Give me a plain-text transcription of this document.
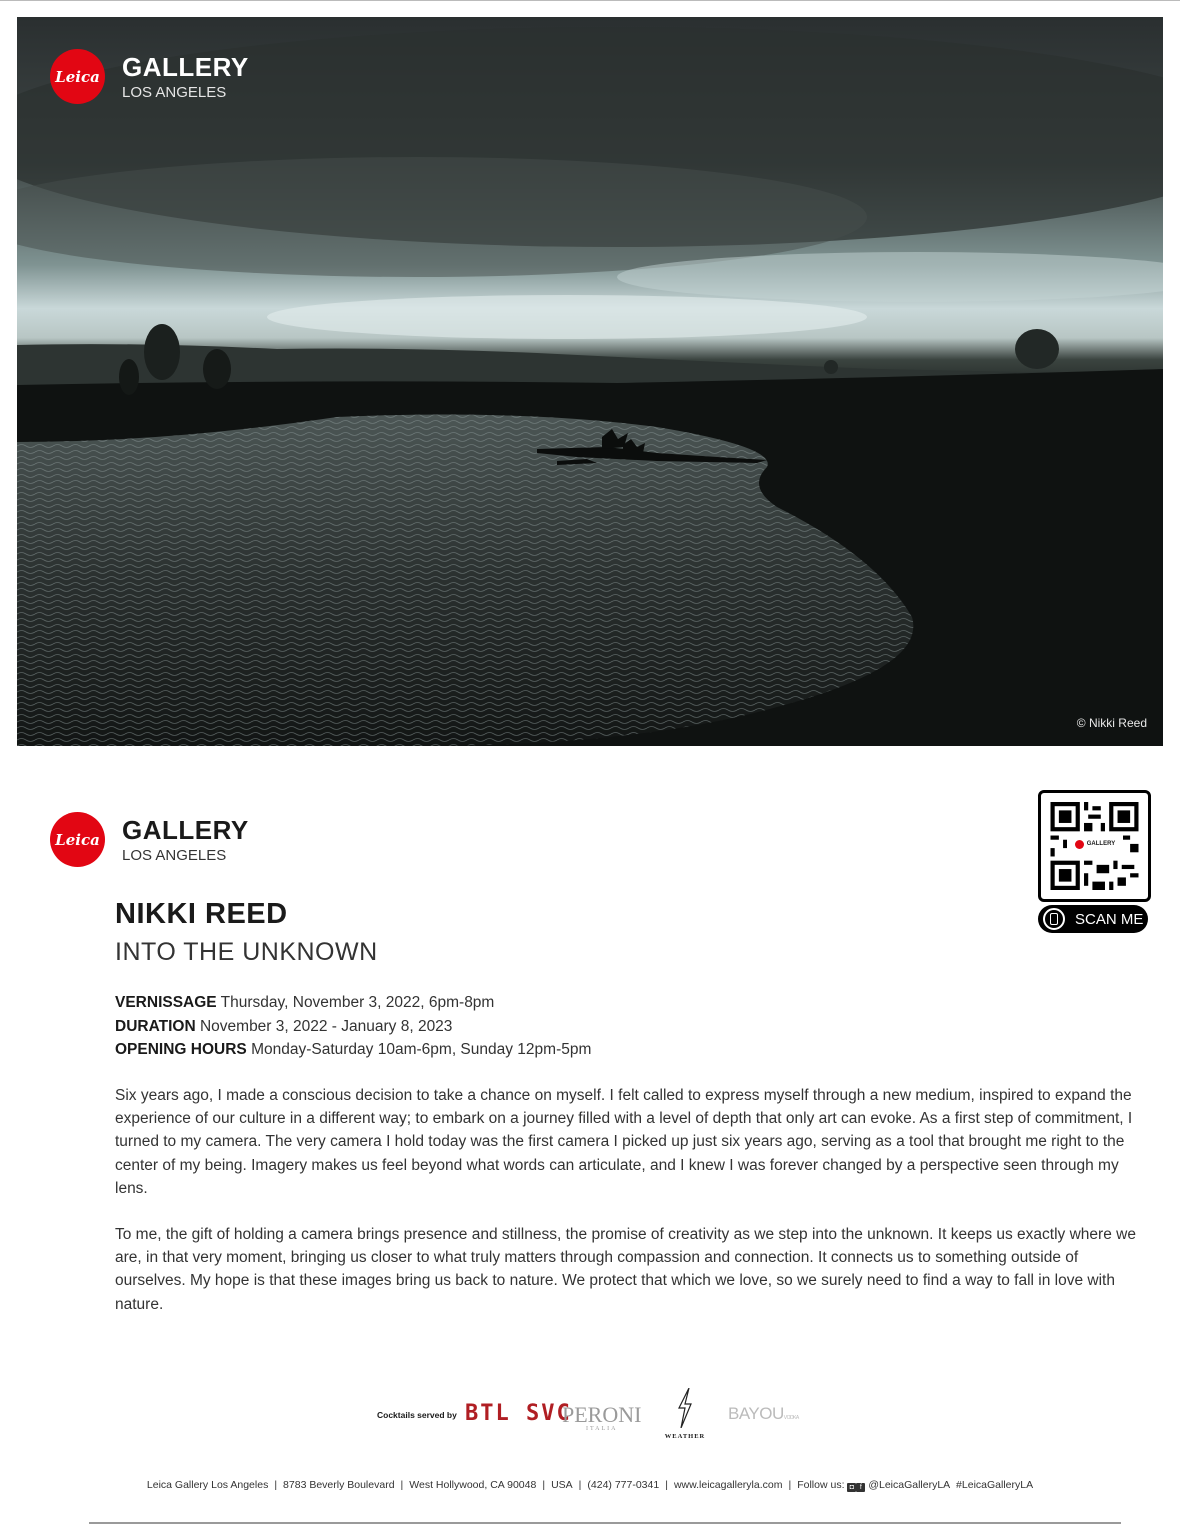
Leica GALLERY
LOS ANGELES
© Nikki Reed
Leica GALLERY
LOS ANGELES
GALLERY
SCAN ME
NIKKI REED
INTO THE UNKNOWN
VERNISSAGE Thursday, November 3, 2022, 6pm-8pm
DURATION November 3, 2022 - January 8, 2023
OPENING HOURS Monday-Saturday 10am-6pm, Sunday 12pm-5pm

Six years ago, I made a conscious decision to take a chance on myself. I felt called to express myself through a new medium, inspired to expand the experience of our culture in a different way; to embark on a journey filled with a level of depth that only art can evoke. As a first step of commitment, I turned to my camera. The very camera I hold today was the first camera I picked up just six years ago, serving as a tool that brought me right to the center of my being. Imagery makes us feel beyond what words can articulate, and I knew I was forever changed by a perspective seen through my lens.

To me, the gift of holding a camera brings presence and stillness, the promise of creativity as we step into the unknown. It keeps us exactly where we are, in that very moment, bringing us closer to what truly matters through compassion and connection. It connects us to something outside of ourselves. My hope is that these images bring us back to nature. We protect that which we love, so we surely need to find a way to fall in love with nature.

Cocktails served by BTL SVC
PERONI
ITALIA
WEATHER
BAYOUVODKA
Leica Gallery Los Angeles | 8783 Beverly Boulevard | West Hollywood, CA 90048 | USA | (424) 777-0341 | www.leicagalleryla.com | Follow us: ◘ f @LeicaGalleryLA #LeicaGalleryLA
